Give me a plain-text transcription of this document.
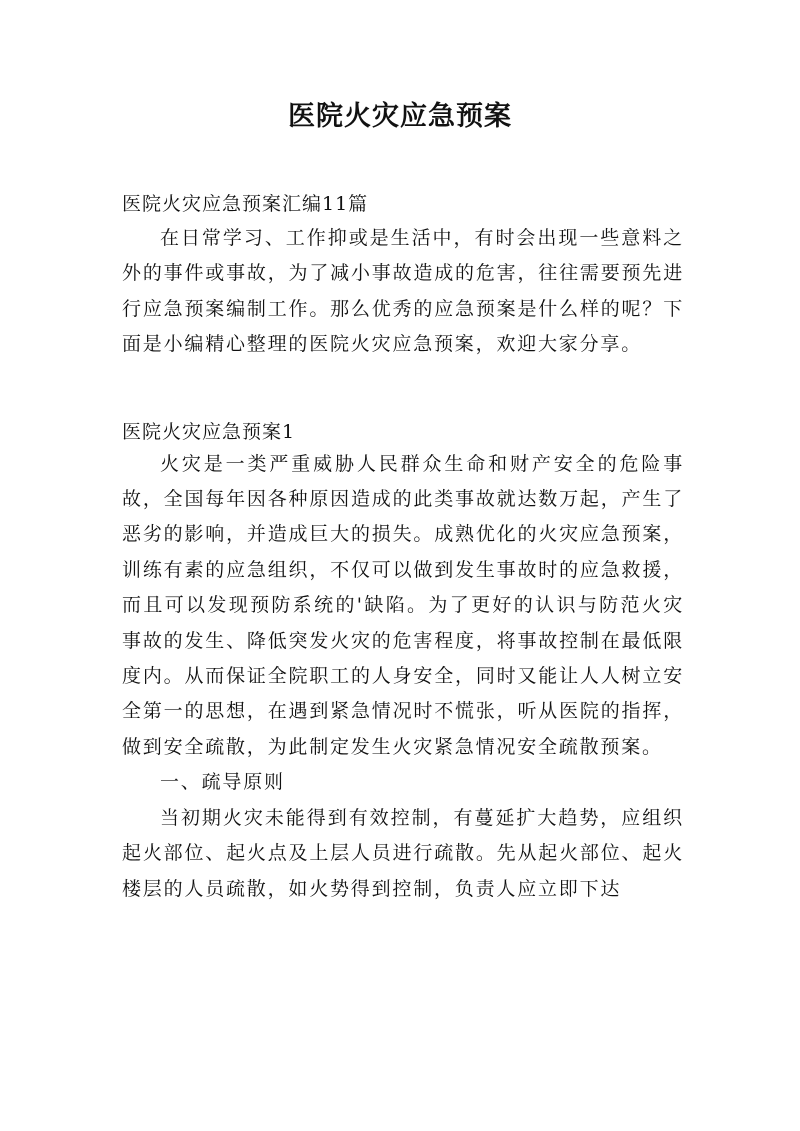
医院火灾应急预案

医院火灾应急预案汇编11篇

在日常学习、工作抑或是生活中，有时会出现一些意料之外的事件或事故，为了减小事故造成的危害，往往需要预先进行应急预案编制工作。那么优秀的应急预案是什么样的呢？下面是小编精心整理的医院火灾应急预案，欢迎大家分享。

医院火灾应急预案1

火灾是一类严重威胁人民群众生命和财产安全的危险事故，全国每年因各种原因造成的此类事故就达数万起，产生了恶劣的影响，并造成巨大的损失。成熟优化的火灾应急预案，训练有素的应急组织，不仅可以做到发生事故时的应急救援，而且可以发现预防系统的'缺陷。为了更好的认识与防范火灾事故的发生、降低突发火灾的危害程度，将事故控制在最低限度内。从而保证全院职工的人身安全，同时又能让人人树立安全第一的思想，在遇到紧急情况时不慌张，听从医院的指挥，做到安全疏散，为此制定发生火灾紧急情况安全疏散预案。

一、疏导原则

当初期火灾未能得到有效控制，有蔓延扩大趋势，应组织起火部位、起火点及上层人员进行疏散。先从起火部位、起火楼层的人员疏散，如火势得到控制，负责人应立即下达
